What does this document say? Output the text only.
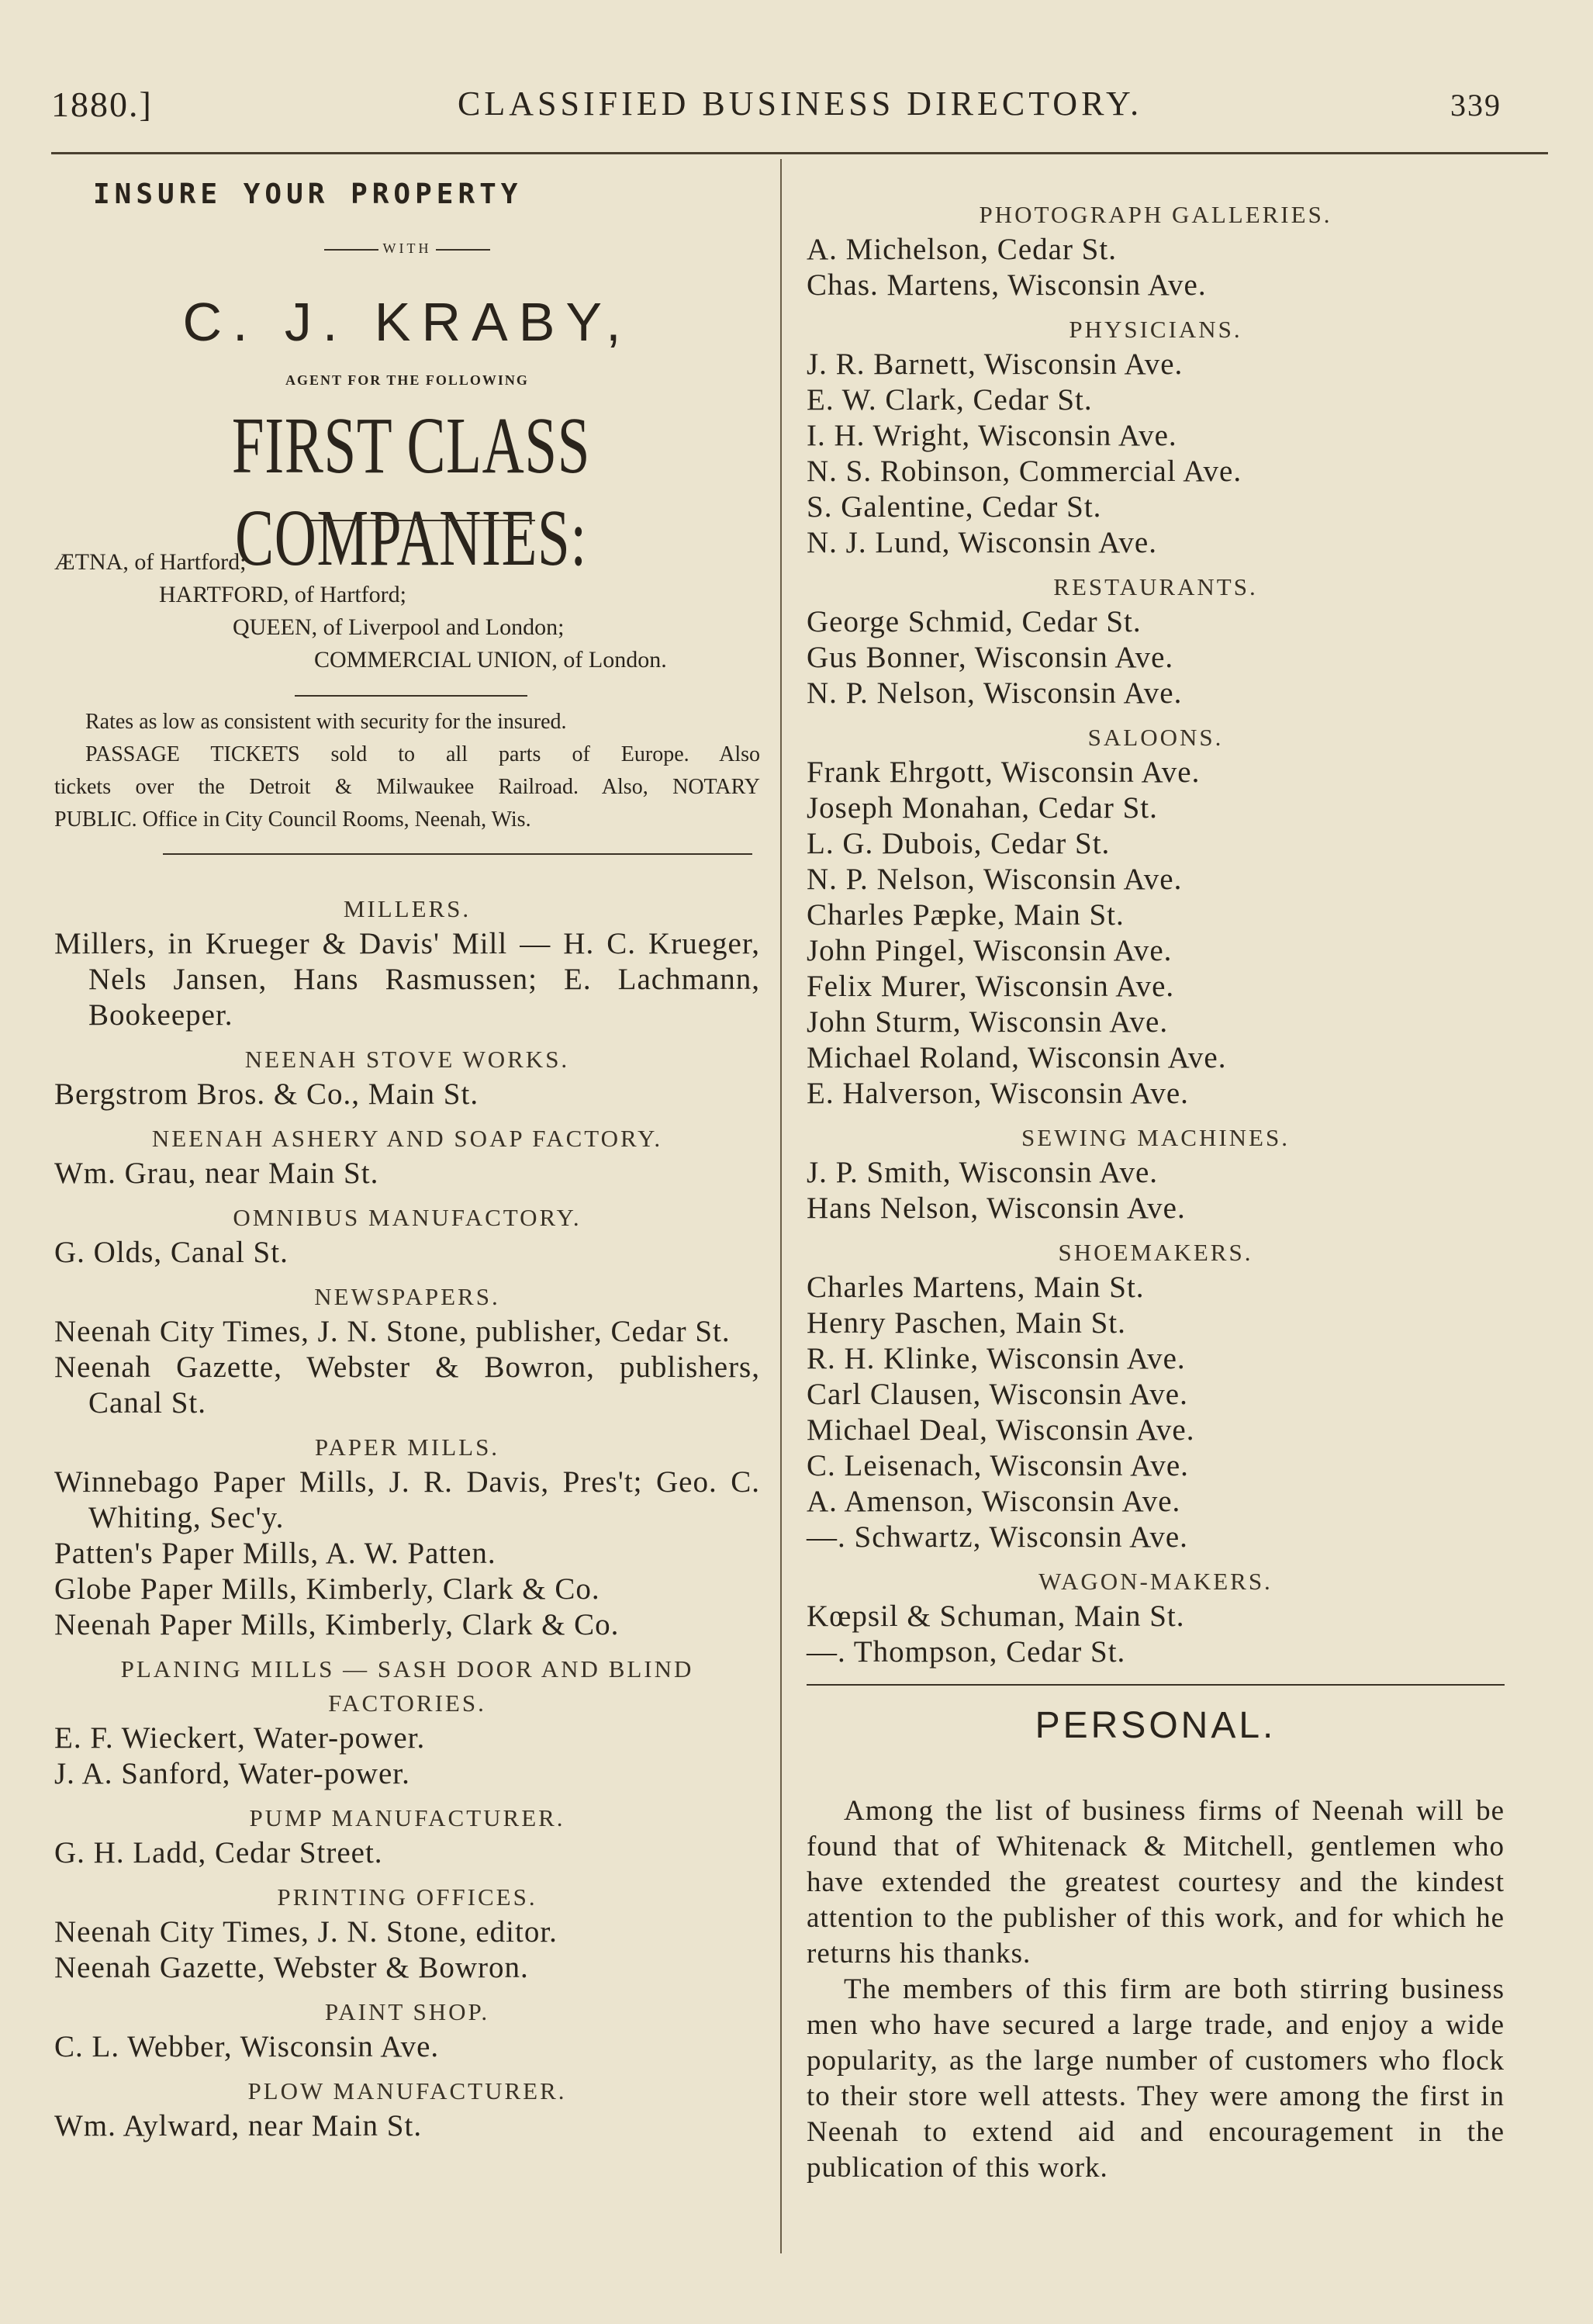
1880.]	CLASSIFIED BUSINESS DIRECTORY.	339
INSURE YOUR PROPERTY
WITH
C. J. KRABY,
AGENT FOR THE FOLLOWING
FIRST CLASS COMPANIES:
ÆTNA, of Hartford;
HARTFORD, of Hartford;
QUEEN, of Liverpool and London;
COMMERCIAL UNION, of London.
Rates as low as consistent with security for the insured.
PASSAGE TICKETS sold to all parts of Europe. Also
tickets over the Detroit & Milwaukee Railroad. Also, NOTARY
PUBLIC. Office in City Council Rooms, Neenah, Wis.
MILLERS.
Millers, in Krueger & Davis' Mill — H. C. Krueger, Nels Jansen, Hans Rasmussen; E. Lachmann, Bookeeper.
NEENAH STOVE WORKS.
Bergstrom Bros. & Co., Main St.
NEENAH ASHERY AND SOAP FACTORY.
Wm. Grau, near Main St.
OMNIBUS MANUFACTORY.
G. Olds, Canal St.
NEWSPAPERS.
Neenah City Times, J. N. Stone, publisher, Cedar St.
Neenah Gazette, Webster & Bowron, publishers, Canal St.
PAPER MILLS.
Winnebago Paper Mills, J. R. Davis, Pres't; Geo. C. Whiting, Sec'y.
Patten's Paper Mills, A. W. Patten.
Globe Paper Mills, Kimberly, Clark & Co.
Neenah Paper Mills, Kimberly, Clark & Co.
PLANING MILLS — SASH DOOR AND BLIND FACTORIES.
E. F. Wieckert, Water-power.
J. A. Sanford, Water-power.
PUMP MANUFACTURER.
G. H. Ladd, Cedar Street.
PRINTING OFFICES.
Neenah City Times, J. N. Stone, editor.
Neenah Gazette, Webster & Bowron.
PAINT SHOP.
C. L. Webber, Wisconsin Ave.
PLOW MANUFACTURER.
Wm. Aylward, near Main St.
PHOTOGRAPH GALLERIES.
A. Michelson, Cedar St.
Chas. Martens, Wisconsin Ave.
PHYSICIANS.
J. R. Barnett, Wisconsin Ave.
E. W. Clark, Cedar St.
I. H. Wright, Wisconsin Ave.
N. S. Robinson, Commercial Ave.
S. Galentine, Cedar St.
N. J. Lund, Wisconsin Ave.
RESTAURANTS.
George Schmid, Cedar St.
Gus Bonner, Wisconsin Ave.
N. P. Nelson, Wisconsin Ave.
SALOONS.
Frank Ehrgott, Wisconsin Ave.
Joseph Monahan, Cedar St.
L. G. Dubois, Cedar St.
N. P. Nelson, Wisconsin Ave.
Charles Pæpke, Main St.
John Pingel, Wisconsin Ave.
Felix Murer, Wisconsin Ave.
John Sturm, Wisconsin Ave.
Michael Roland, Wisconsin Ave.
E. Halverson, Wisconsin Ave.
SEWING MACHINES.
J. P. Smith, Wisconsin Ave.
Hans Nelson, Wisconsin Ave.
SHOEMAKERS.
Charles Martens, Main St.
Henry Paschen, Main St.
R. H. Klinke, Wisconsin Ave.
Carl Clausen, Wisconsin Ave.
Michael Deal, Wisconsin Ave.
C. Leisenach, Wisconsin Ave.
A. Amenson, Wisconsin Ave.
—. Schwartz, Wisconsin Ave.
WAGON-MAKERS.
Kœpsil & Schuman, Main St.
—. Thompson, Cedar St.
PERSONAL.

Among the list of business firms of Neenah will be found that of Whitenack & Mitchell, gentlemen who have extended the greatest courtesy and the kindest attention to the publisher of this work, and for which he returns his thanks.

The members of this firm are both stirring business men who have secured a large trade, and enjoy a wide popularity, as the large number of customers who flock to their store well attests. They were among the first in Neenah to extend aid and encouragement in the publication of this work.
